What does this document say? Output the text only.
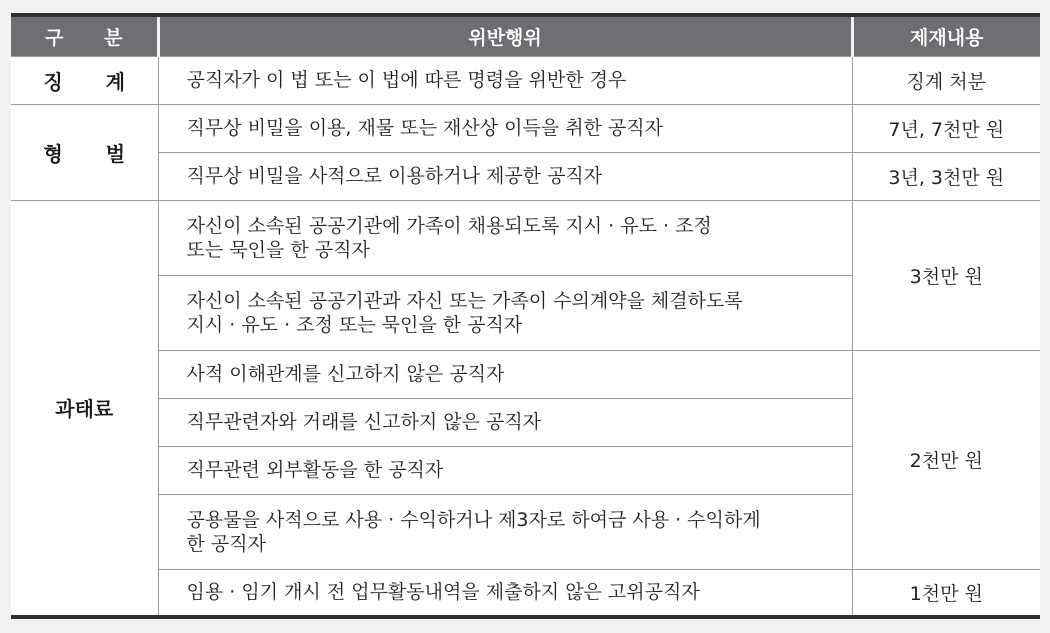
구 분	위반행위	제재내용
징 계	공직자가 이 법 또는 이 법에 따른 명령을 위반한 경우	징계 처분
형 벌	직무상 비밀을 이용, 재물 또는 재산상 이득을 취한 공직자	7년, 7천만 원
	직무상 비밀을 사적으로 이용하거나 제공한 공직자	3년, 3천만 원
과태료	자신이 소속된 공공기관에 가족이 채용되도록 지시 · 유도 · 조정
또는 묵인을 한 공직자	3천만 원
	자신이 소속된 공공기관과 자신 또는 가족이 수의계약을 체결하도록
지시 · 유도 · 조정 또는 묵인을 한 공직자	
	사적 이해관계를 신고하지 않은 공직자	2천만 원
	직무관련자와 거래를 신고하지 않은 공직자	
	직무관련 외부활동을 한 공직자	
	공용물을 사적으로 사용 · 수익하거나 제3자로 하여금 사용 · 수익하게
한 공직자	
	임용 · 임기 개시 전 업무활동내역을 제출하지 않은 고위공직자	1천만 원
